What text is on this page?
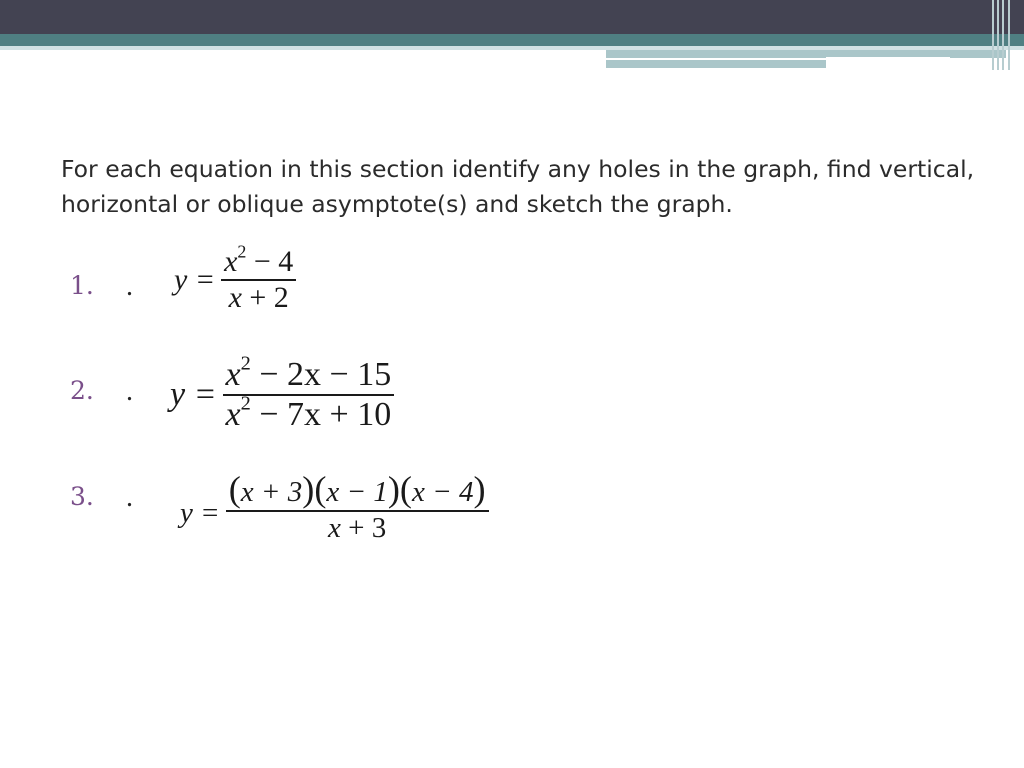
For each equation in this section identify any holes in the graph, find vertical, horizontal or oblique asymptote(s) and sketch the graph.

1. . $y = \frac{x^2 - 4}{x + 2}$
2. . $y = \frac{x^2 - 2x - 15}{x^2 - 7x + 10}$
3. . $y = \frac{(x + 3)(x - 1)(x - 4)}{x + 3}$
